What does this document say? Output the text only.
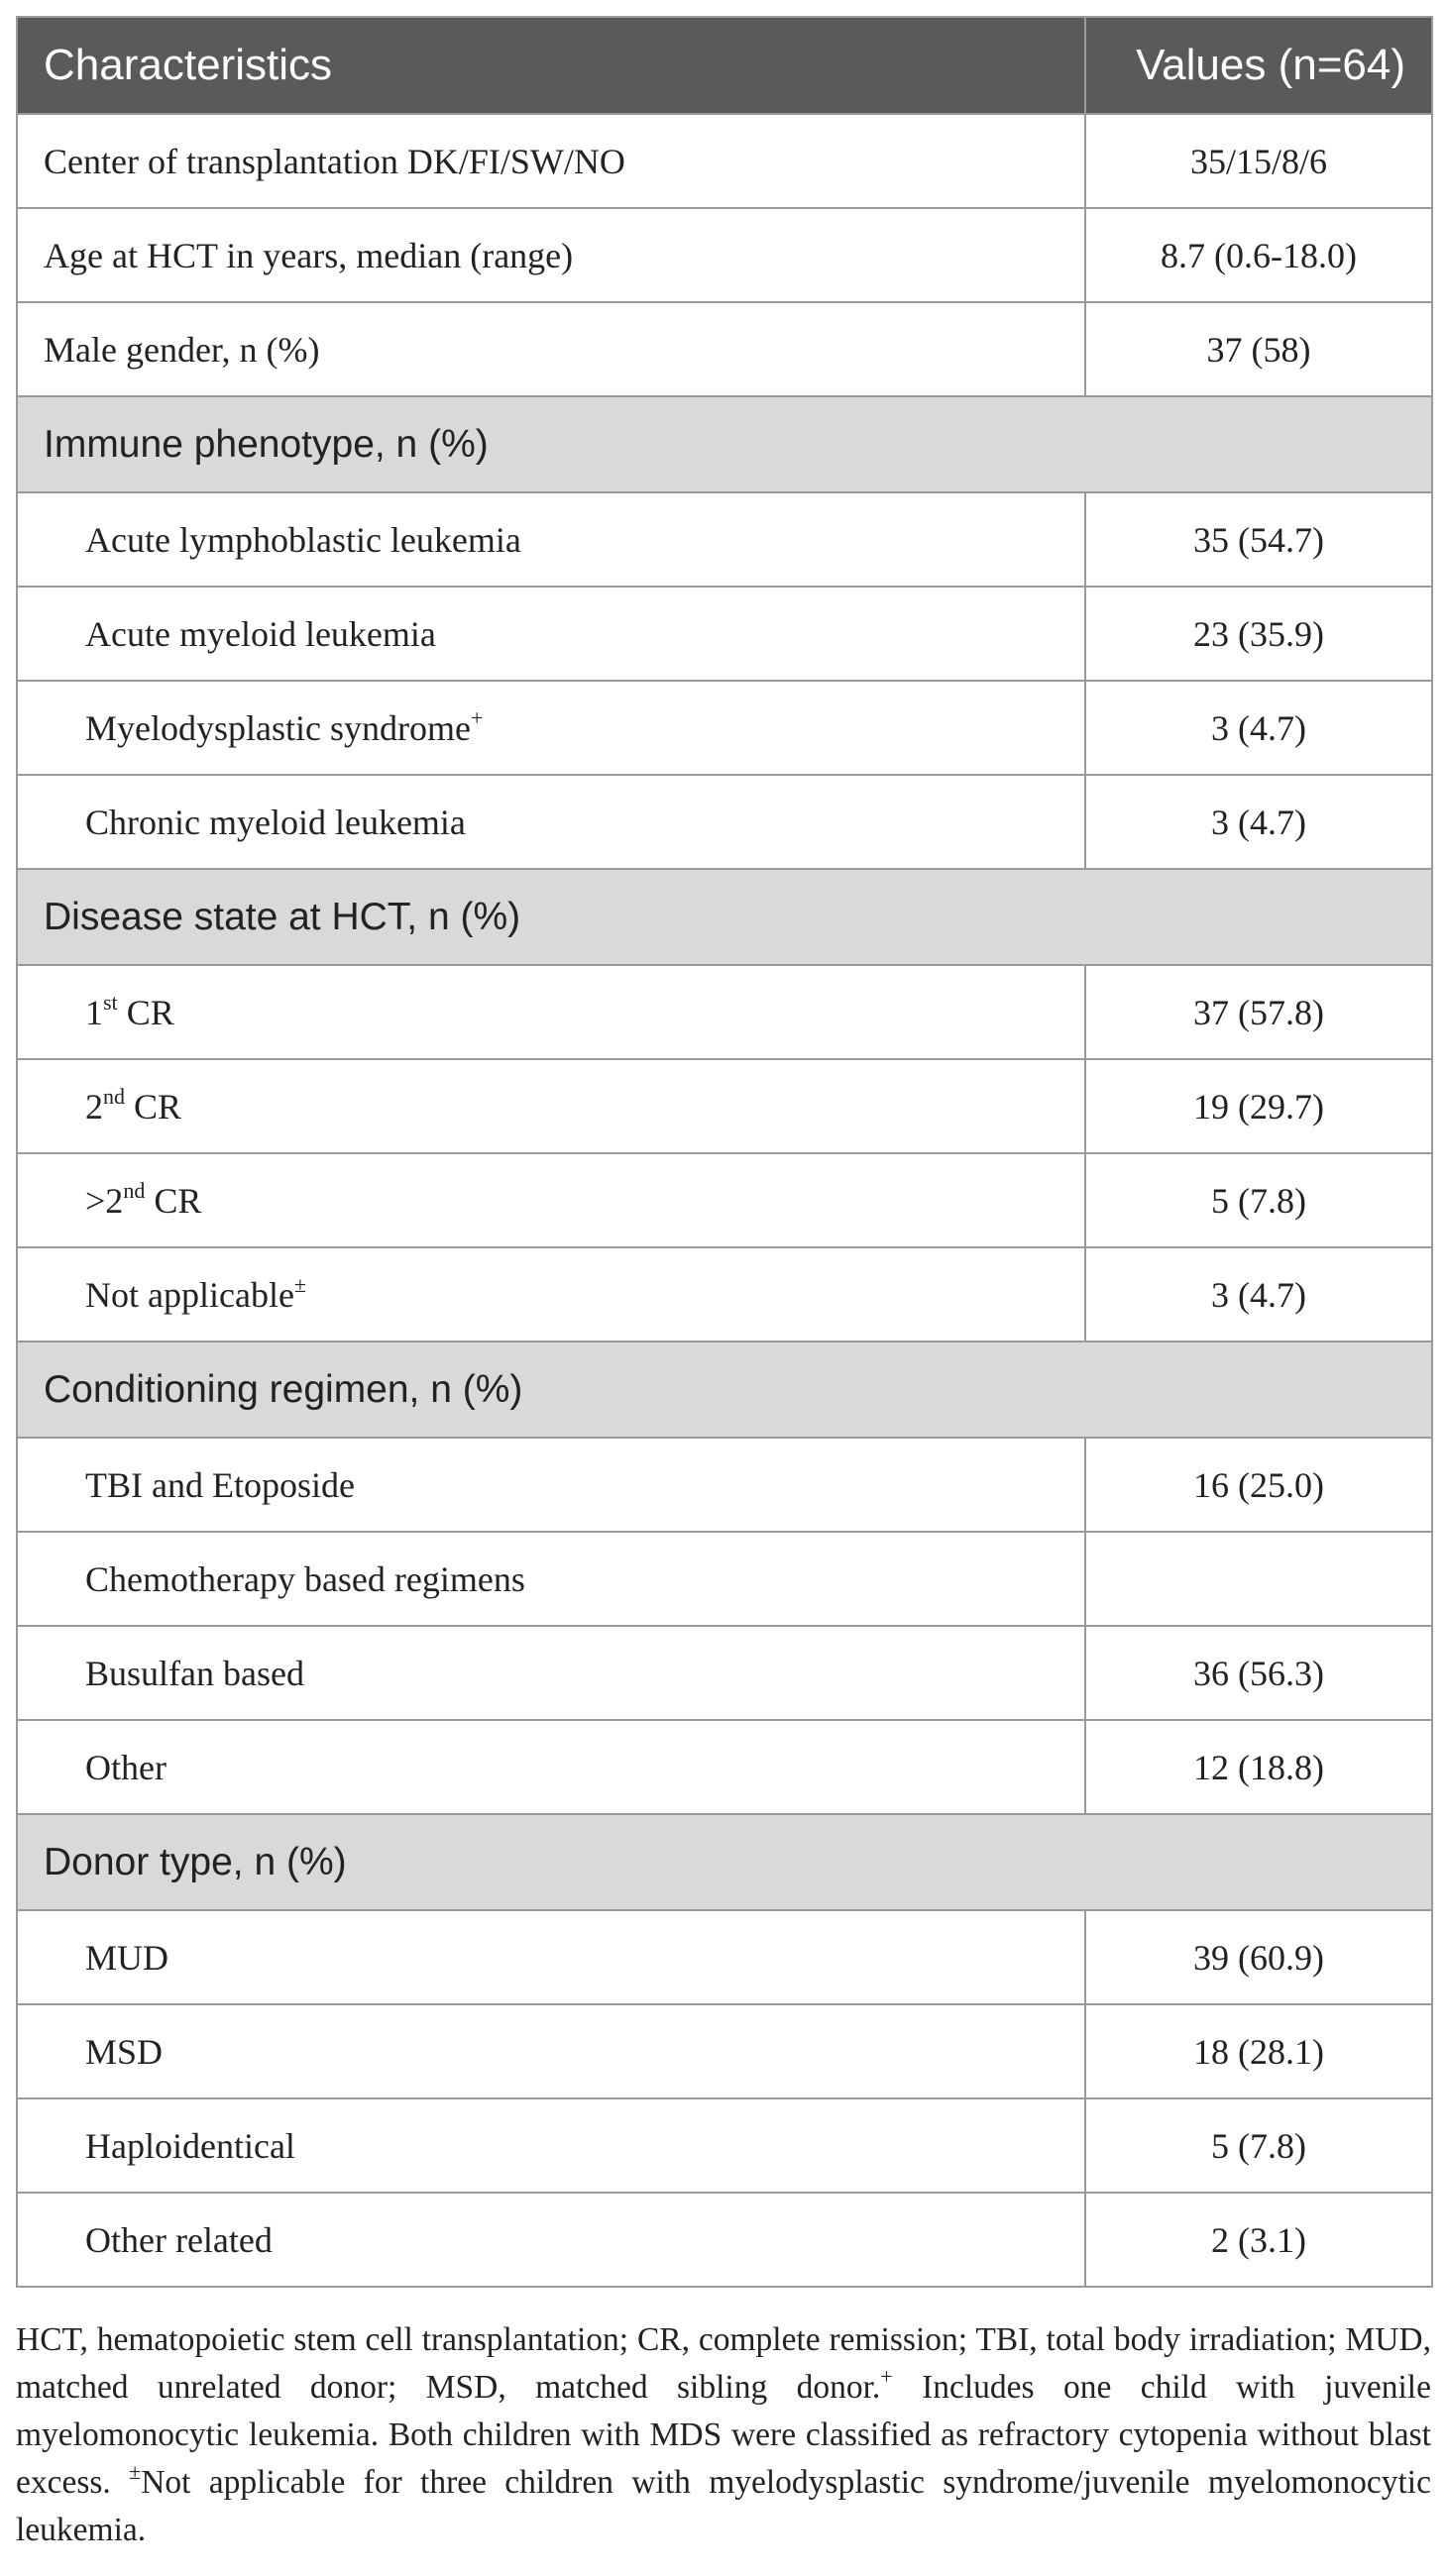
Characteristics	Values (n=64)
Center of transplantation DK/FI/SW/NO	35/15/8/6
Age at HCT in years, median (range)	8.7 (0.6-18.0)
Male gender, n (%)	37 (58)
Immune phenotype, n (%)	
Acute lymphoblastic leukemia	35 (54.7)
Acute myeloid leukemia	23 (35.9)
Myelodysplastic syndrome+	3 (4.7)
Chronic myeloid leukemia	3 (4.7)
Disease state at HCT, n (%)	
1st CR	37 (57.8)
2nd CR	19 (29.7)
>2nd CR	5 (7.8)
Not applicable±	3 (4.7)
Conditioning regimen, n (%)	
TBI and Etoposide	16 (25.0)
Chemotherapy based regimens	
Busulfan based	36 (56.3)
Other	12 (18.8)
Donor type, n (%)	
MUD	39 (60.9)
MSD	18 (28.1)
Haploidentical	5 (7.8)
Other related	2 (3.1)

HCT, hematopoietic stem cell transplantation; CR, complete remission; TBI, total body irradiation; MUD, matched unrelated donor; MSD, matched sibling donor.+ Includes one child with juvenile myelomonocytic leukemia. Both children with MDS were classified as refractory cytopenia without blast excess. ±Not applicable for three children with myelodysplastic syndrome/juvenile myelomonocytic leukemia.
